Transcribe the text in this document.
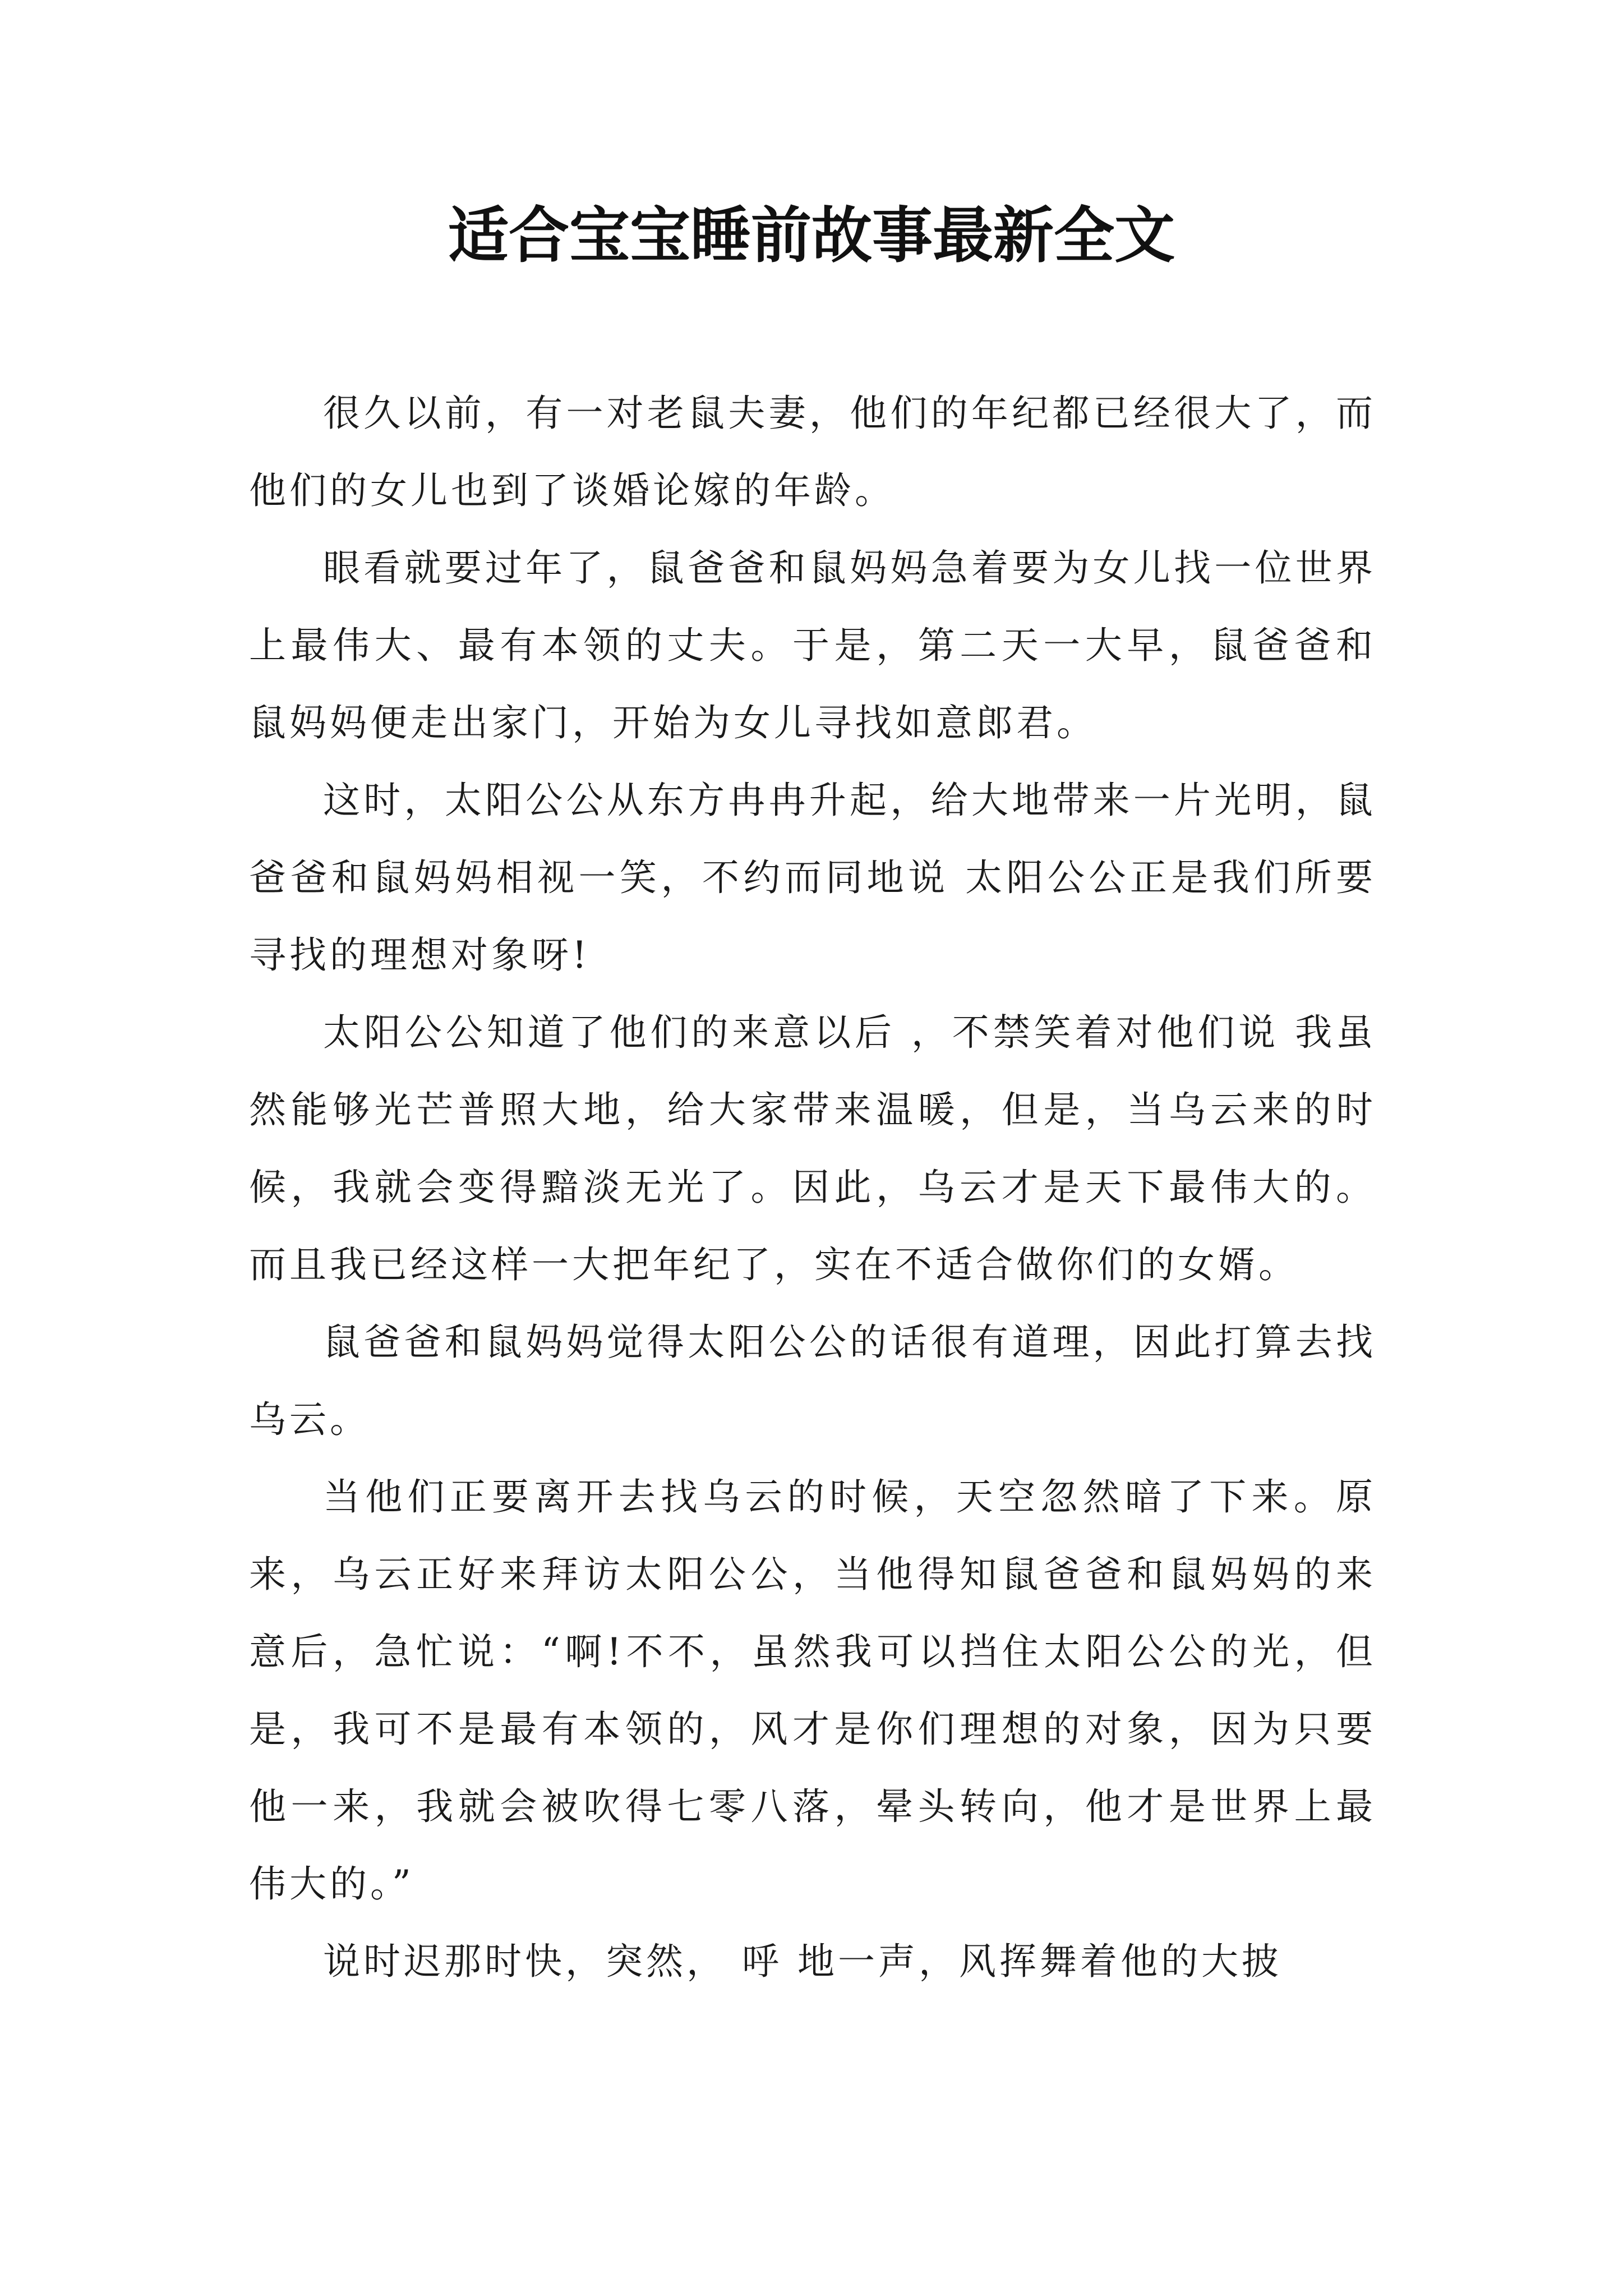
适合宝宝睡前故事最新全文

很久以前，有一对老鼠夫妻，他们的年纪都已经很大了，而他们的女儿也到了谈婚论嫁的年龄。

眼看就要过年了，鼠爸爸和鼠妈妈急着要为女儿找一位世界上最伟大、最有本领的丈夫。于是，第二天一大早，鼠爸爸和鼠妈妈便走出家门，开始为女儿寻找如意郎君。

这时，太阳公公从东方冉冉升起，给大地带来一片光明，鼠爸爸和鼠妈妈相视一笑，不约而同地说 太阳公公正是我们所要寻找的理想对象呀!

太阳公公知道了他们的来意以后 ，不禁笑着对他们说 我虽然能够光芒普照大地，给大家带来温暖，但是，当乌云来的时候，我就会变得黯淡无光了。因此，乌云才是天下最伟大的。而且我已经这样一大把年纪了，实在不适合做你们的女婿。

鼠爸爸和鼠妈妈觉得太阳公公的话很有道理，因此打算去找乌云。

当他们正要离开去找乌云的时候，天空忽然暗了下来。原来，乌云正好来拜访太阳公公，当他得知鼠爸爸和鼠妈妈的来意后，急忙说：“啊!不不，虽然我可以挡住太阳公公的光，但是，我可不是最有本领的，风才是你们理想的对象，因为只要他一来，我就会被吹得七零八落，晕头转向，他才是世界上最伟大的。”

说时迟那时快，突然， 呼 地一声，风挥舞着他的大披
